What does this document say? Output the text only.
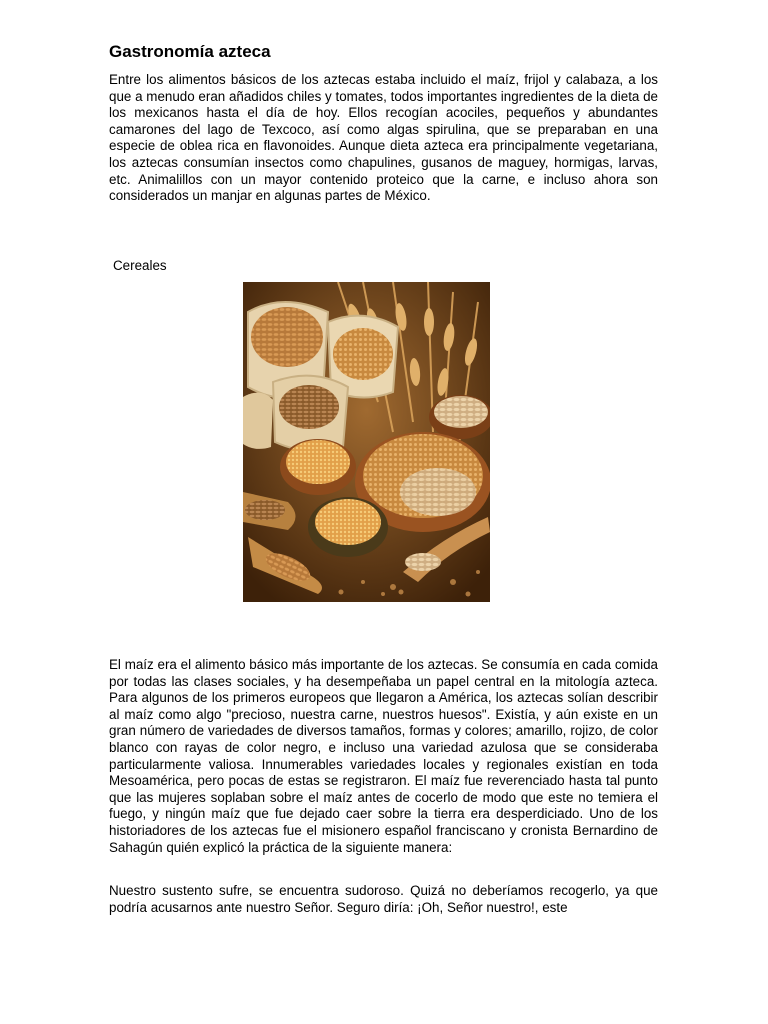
Gastronomía azteca

Entre los alimentos básicos de los aztecas estaba incluido el maíz, frijol y calabaza, a los que a menudo eran añadidos chiles y tomates, todos importantes ingredientes de la dieta de los mexicanos hasta el día de hoy. Ellos recogían acociles, pequeños y abundantes camarones del lago de Texcoco, así como algas spirulina, que se preparaban en una especie de oblea rica en flavonoides. Aunque dieta azteca era principalmente vegetariana, los aztecas consumían insectos como chapulines, gusanos de maguey, hormigas, larvas, etc. Animalillos con un mayor contenido proteico que la carne, e incluso ahora son considerados un manjar en algunas partes de México.

Cereales

El maíz era el alimento básico más importante de los aztecas. Se consumía en cada comida por todas las clases sociales, y ha desempeñaba un papel central en la mitología azteca. Para algunos de los primeros europeos que llegaron a América, los aztecas solían describir al maíz como algo "precioso, nuestra carne, nuestros huesos". Existía, y aún existe en un gran número de variedades de diversos tamaños, formas y colores; amarillo, rojizo, de color blanco con rayas de color negro, e incluso una variedad azulosa que se consideraba particularmente valiosa. Innumerables variedades locales y regionales existían en toda Mesoamérica, pero pocas de estas se registraron. El maíz fue reverenciado hasta tal punto que las mujeres soplaban sobre el maíz antes de cocerlo de modo que este no temiera el fuego, y ningún maíz que fue dejado caer sobre la tierra era desperdiciado. Uno de los historiadores de los aztecas fue el misionero español franciscano y cronista Bernardino de Sahagún quién explicó la práctica de la siguiente manera:

Nuestro sustento sufre, se encuentra sudoroso. Quizá no deberíamos recogerlo, ya que podría acusarnos ante nuestro Señor. Seguro diría: ¡Oh, Señor nuestro!, este
